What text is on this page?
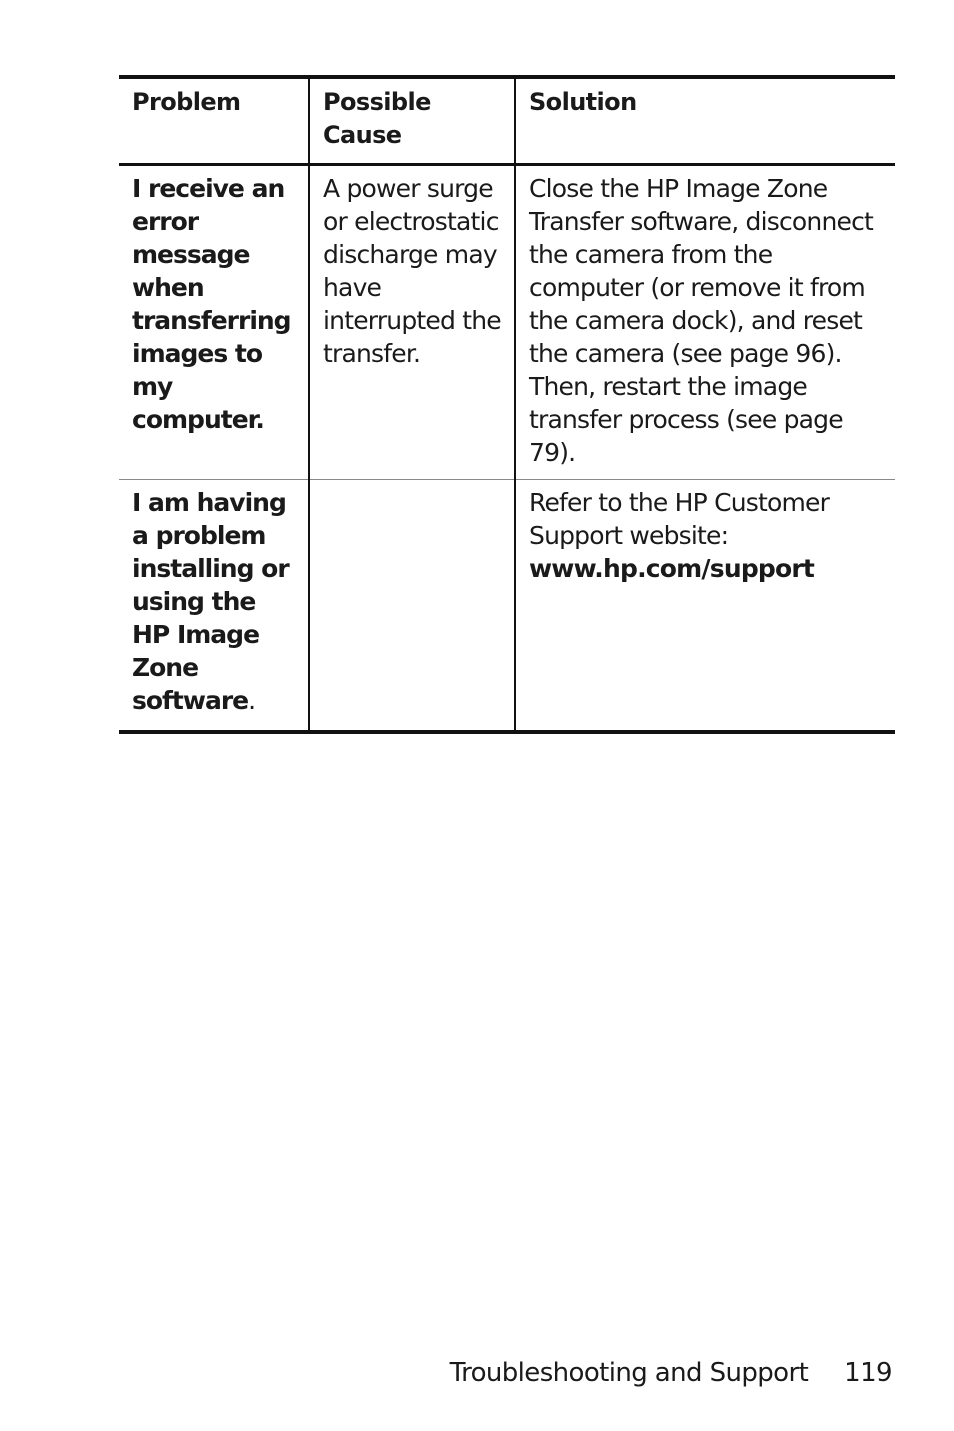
Problem	Possible Cause	Solution
I receive an error message when transferring images to my computer.	A power surge or electrostatic discharge may have interrupted the transfer.	Close the HP Image Zone Transfer software, disconnect the camera from the computer (or remove it from the camera dock), and reset the camera (see page 96). Then, restart the image transfer process (see page 79).

I am having a problem installing or using the HP Image Zone software.		Refer to the HP Customer Support website:
www.hp.com/support
Troubleshooting and Support 119
